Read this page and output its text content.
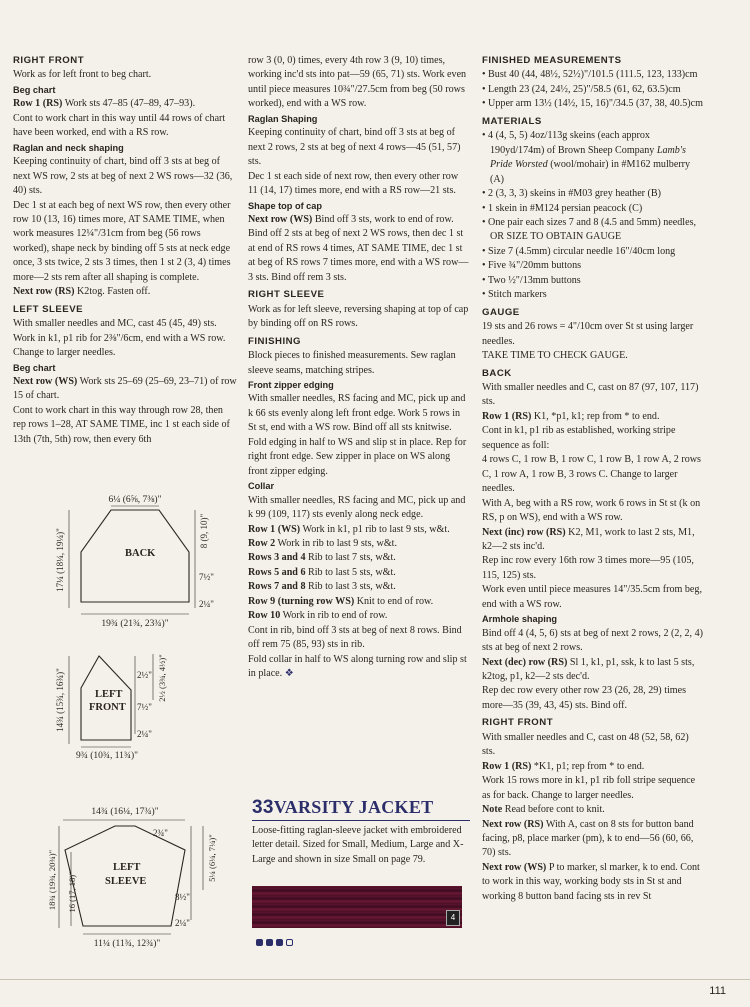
RIGHT FRONT

Work as for left front to beg chart.

Beg chart

Row 1 (RS) Work sts 47–85 (47–89, 47–93).

Cont to work chart in this way until 44 rows of chart have been worked, end with a RS row.

Raglan and neck shaping

Keeping continuity of chart, bind off 3 sts at beg of next WS row, 2 sts at beg of next 2 WS rows—32 (36, 40) sts.

Dec 1 st at each beg of next WS row, then every other row 10 (13, 16) times more, AT SAME TIME, when work measures 12¼"/31cm from beg (56 rows worked), shape neck by binding off 5 sts at neck edge once, 3 sts twice, 2 sts 3 times, then 1 st 2 (3, 4) times more—2 sts rem after all shaping is complete.

Next row (RS) K2tog. Fasten off.

LEFT SLEEVE

With smaller needles and MC, cast 45 (45, 49) sts. Work in k1, p1 rib for 2⅜"/6cm, end with a WS row. Change to larger needles.

Beg chart

Next row (WS) Work sts 25–69 (25–69, 23–71) of row 15 of chart.

Cont to work chart in this way through row 28, then rep rows 1–28, AT SAME TIME, inc 1 st each side of 13th (7th, 5th) row, then every 6th

6¼ (6⅝, 7⅜)"
BACK
8 (9, 10)"
7½"
2¼"
17¼ (18¼, 19¼)"
19¾ (21¾, 23¾)"
LEFT
FRONT
2½"
7½"
2¼"
2½ (3¾, 4½)"
14¾ (15¾, 16¾)"
9¾ (10¾, 11¾)"
14¾ (16¼, 17¾)"
LEFT
SLEEVE
2¾"
8½"
2¼"
5¼ (6¼, 7¼)"
18¾ (19¾, 20¾)" 16 (17, 18)"
11¼ (11¾, 12¾)"

row 3 (0, 0) times, every 4th row 3 (9, 10) times, working inc'd sts into pat—59 (65, 71) sts. Work even until piece measures 10¾"/27.5cm from beg (50 rows worked), end with a WS row.

Raglan Shaping

Keeping continuity of chart, bind off 3 sts at beg of next 2 rows, 2 sts at beg of next 4 rows—45 (51, 57) sts.

Dec 1 st each side of next row, then every other row 11 (14, 17) times more, end with a RS row—21 sts.

Shape top of cap

Next row (WS) Bind off 3 sts, work to end of row.

Bind off 2 sts at beg of next 2 WS rows, then dec 1 st at end of RS rows 4 times, AT SAME TIME, dec 1 st at beg of RS rows 7 times more, end with a WS row—3 sts. Bind off rem 3 sts.

RIGHT SLEEVE

Work as for left sleeve, reversing shaping at top of cap by binding off on RS rows.

FINISHING

Block pieces to finished measurements. Sew raglan sleeve seams, matching stripes.

Front zipper edging

With smaller needles, RS facing and MC, pick up and k 66 sts evenly along left front edge. Work 5 rows in St st, end with a WS row. Bind off all sts knitwise. Fold edging in half to WS and slip st in place. Rep for right front edge. Sew zipper in place on WS along front zipper edging.

Collar

With smaller needles, RS facing and MC, pick up and k 99 (109, 117) sts evenly along neck edge.

Row 1 (WS) Work in k1, p1 rib to last 9 sts, w&t.

Row 2 Work in rib to last 9 sts, w&t.

Rows 3 and 4 Rib to last 7 sts, w&t.

Rows 5 and 6 Rib to last 5 sts, w&t.

Rows 7 and 8 Rib to last 3 sts, w&t.

Row 9 (turning row WS) Knit to end of row.

Row 10 Work in rib to end of row.

Cont in rib, bind off 3 sts at beg of next 8 rows. Bind off rem 75 (85, 93) sts in rib.

Fold collar in half to WS along turning row and slip st in place. ❖

33VARSITY JACKET

Loose-fitting raglan-sleeve jacket with embroidered letter detail. Sized for Small, Medium, Large and X-Large and shown in size Small on page 79.

4

FINISHED MEASUREMENTS

• Bust 40 (44, 48½, 52½)"/101.5 (111.5, 123, 133)cm

• Length 23 (24, 24½, 25)"/58.5 (61, 62, 63.5)cm

• Upper arm 13½ (14½, 15, 16)"/34.5 (37, 38, 40.5)cm

MATERIALS

• 4 (4, 5, 5) 4oz/113g skeins (each approx 190yd/174m) of Brown Sheep Company Lamb's Pride Worsted (wool/mohair) in #M162 mulberry (A)

• 2 (3, 3, 3) skeins in #M03 grey heather (B)

• 1 skein in #M124 persian peacock (C)

• One pair each sizes 7 and 8 (4.5 and 5mm) needles, OR SIZE TO OBTAIN GAUGE

• Size 7 (4.5mm) circular needle 16"/40cm long

• Five ¾"/20mm buttons

• Two ½"/13mm buttons

• Stitch markers

GAUGE

19 sts and 26 rows = 4"/10cm over St st using larger needles.

TAKE TIME TO CHECK GAUGE.

BACK

With smaller needles and C, cast on 87 (97, 107, 117) sts.

Row 1 (RS) K1, *p1, k1; rep from * to end.

Cont in k1, p1 rib as established, working stripe sequence as foll:

4 rows C, 1 row B, 1 row C, 1 row B, 1 row A, 2 rows C, 1 row A, 1 row B, 3 rows C. Change to larger needles.

With A, beg with a RS row, work 6 rows in St st (k on RS, p on WS), end with a WS row.

Next (inc) row (RS) K2, M1, work to last 2 sts, M1, k2—2 sts inc'd.

Rep inc row every 16th row 3 times more—95 (105, 115, 125) sts.

Work even until piece measures 14"/35.5cm from beg, end with a WS row.

Armhole shaping

Bind off 4 (4, 5, 6) sts at beg of next 2 rows, 2 (2, 2, 4) sts at beg of next 2 rows.

Next (dec) row (RS) Sl 1, k1, p1, ssk, k to last 5 sts, k2tog, p1, k2—2 sts dec'd.

Rep dec row every other row 23 (26, 28, 29) times more—35 (39, 43, 45) sts. Bind off.

RIGHT FRONT

With smaller needles and C, cast on 48 (52, 58, 62) sts.

Row 1 (RS) *K1, p1; rep from * to end.

Work 15 rows more in k1, p1 rib foll stripe sequence as for back. Change to larger needles.

Note Read before cont to knit.

Next row (RS) With A, cast on 8 sts for button band facing, p8, place marker (pm), k to end—56 (60, 66, 70) sts.

Next row (WS) P to marker, sl marker, k to end. Cont to work in this way, working body sts in St st and working 8 button band facing sts in rev St

111
